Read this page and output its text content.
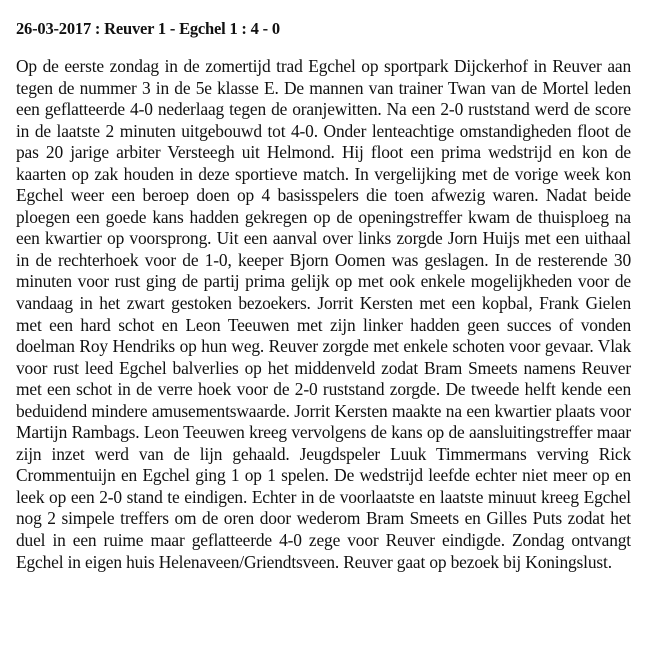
26-03-2017 : Reuver 1 - Egchel 1 : 4 - 0

Op de eerste zondag in de zomertijd trad Egchel op sportpark Dijckerhof in Reuver aan tegen de nummer 3 in de 5e klasse E. De mannen van trainer Twan van de Mortel leden een geflatteerde 4-0 nederlaag tegen de oranjewitten. Na een 2-0 ruststand werd de score in de laatste 2 minuten uitgebouwd tot 4-0. Onder lenteachtige omstandigheden floot de pas 20 jarige arbiter Versteegh uit Helmond. Hij floot een prima wedstrijd en kon de kaarten op zak houden in deze sportieve match. In vergelijking met de vorige week kon Egchel weer een beroep doen op 4 basisspelers die toen afwezig waren. Nadat beide ploegen een goede kans hadden gekregen op de openingstreffer kwam de thuisploeg na een kwartier op voorsprong. Uit een aanval over links zorgde Jorn Huijs met een uithaal in de rechterhoek voor de 1-0, keeper Bjorn Oomen was geslagen. In de resterende 30 minuten voor rust ging de partij prima gelijk op met ook enkele mogelijkheden voor de vandaag in het zwart gestoken bezoekers. Jorrit Kersten met een kopbal, Frank Gielen met een hard schot en Leon Teeuwen met zijn linker hadden geen succes of vonden doelman Roy Hendriks op hun weg. Reuver zorgde met enkele schoten voor gevaar. Vlak voor rust leed Egchel balverlies op het middenveld zodat Bram Smeets namens Reuver met een schot in de verre hoek voor de 2-0 ruststand zorgde. De tweede helft kende een beduidend mindere amusementswaarde. Jorrit Kersten maakte na een kwartier plaats voor Martijn Rambags. Leon Teeuwen kreeg vervolgens de kans op de aansluitingstreffer maar zijn inzet werd van de lijn gehaald. Jeugdspeler Luuk Timmermans verving Rick Crommentuijn en Egchel ging 1 op 1 spelen. De wedstrijd leefde echter niet meer op en leek op een 2-0 stand te eindigen. Echter in de voorlaatste en laatste minuut kreeg Egchel nog 2 simpele treffers om de oren door wederom Bram Smeets en Gilles Puts zodat het duel in een ruime maar geflatteerde 4-0 zege voor Reuver eindigde. Zondag ontvangt Egchel in eigen huis Helenaveen/Griendtsveen. Reuver gaat op bezoek bij Koningslust.
